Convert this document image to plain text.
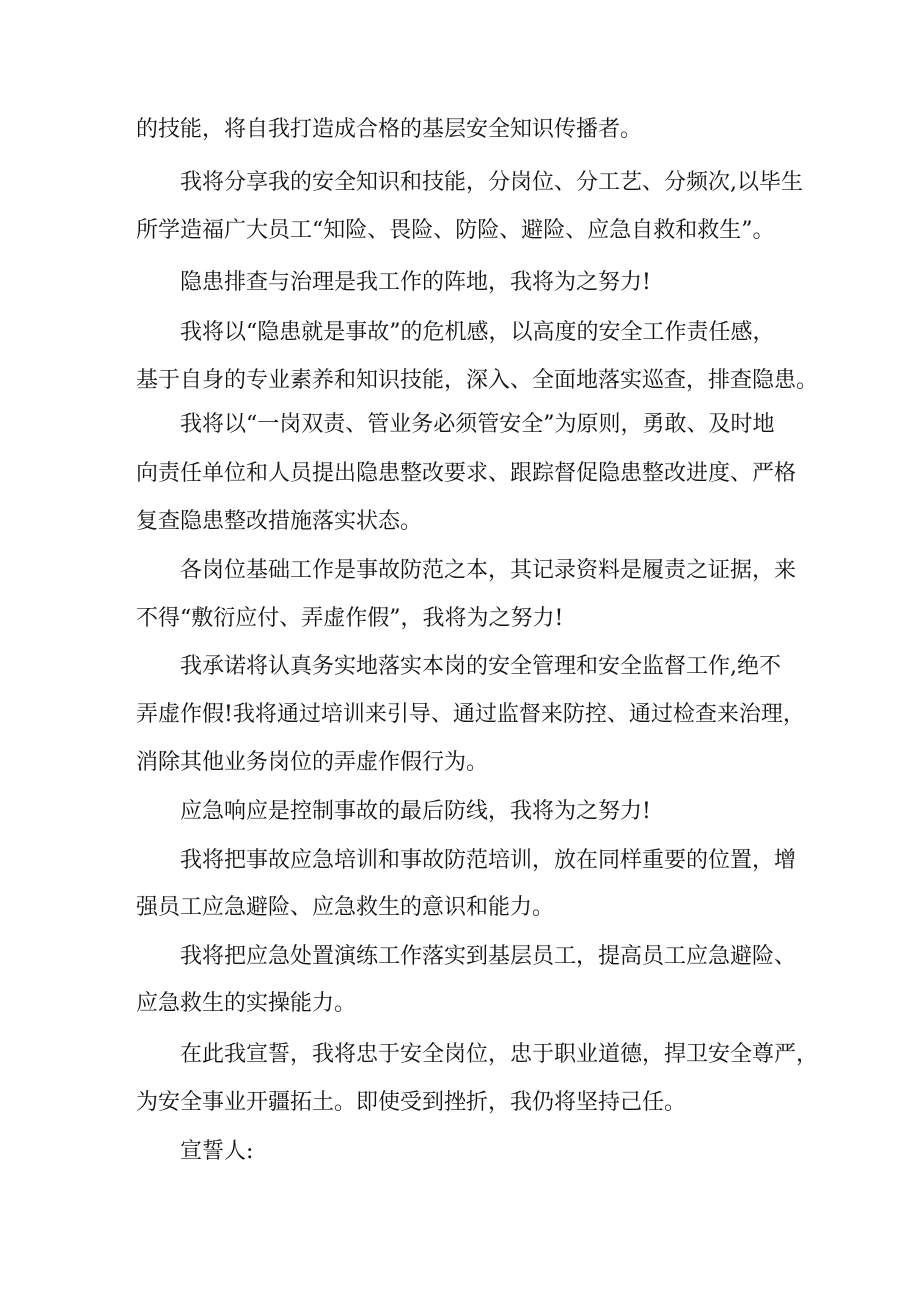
的技能，将自我打造成合格的基层安全知识传播者。
我将分享我的安全知识和技能，分岗位、分工艺、分频次,以毕生
所学造福广大员工“知险、畏险、防险、避险、应急自救和救生”。
隐患排查与治理是我工作的阵地，我将为之努力!
我将以“隐患就是事故”的危机感，以高度的安全工作责任感，
基于自身的专业素养和知识技能，深入、全面地落实巡查，排查隐患。
我将以“一岗双责、管业务必须管安全”为原则，勇敢、及时地
向责任单位和人员提出隐患整改要求、跟踪督促隐患整改进度、严格
复查隐患整改措施落实状态。
各岗位基础工作是事故防范之本，其记录资料是履责之证据，来
不得“敷衍应付、弄虚作假”，我将为之努力!
我承诺将认真务实地落实本岗的安全管理和安全监督工作,绝不
弄虚作假!我将通过培训来引导、通过监督来防控、通过检查来治理，
消除其他业务岗位的弄虚作假行为。
应急响应是控制事故的最后防线，我将为之努力!
我将把事故应急培训和事故防范培训，放在同样重要的位置，增
强员工应急避险、应急救生的意识和能力。
我将把应急处置演练工作落实到基层员工，提高员工应急避险、
应急救生的实操能力。
在此我宣誓，我将忠于安全岗位，忠于职业道德，捍卫安全尊严，
为安全事业开疆拓土。即使受到挫折，我仍将坚持己任。
宣誓人:
